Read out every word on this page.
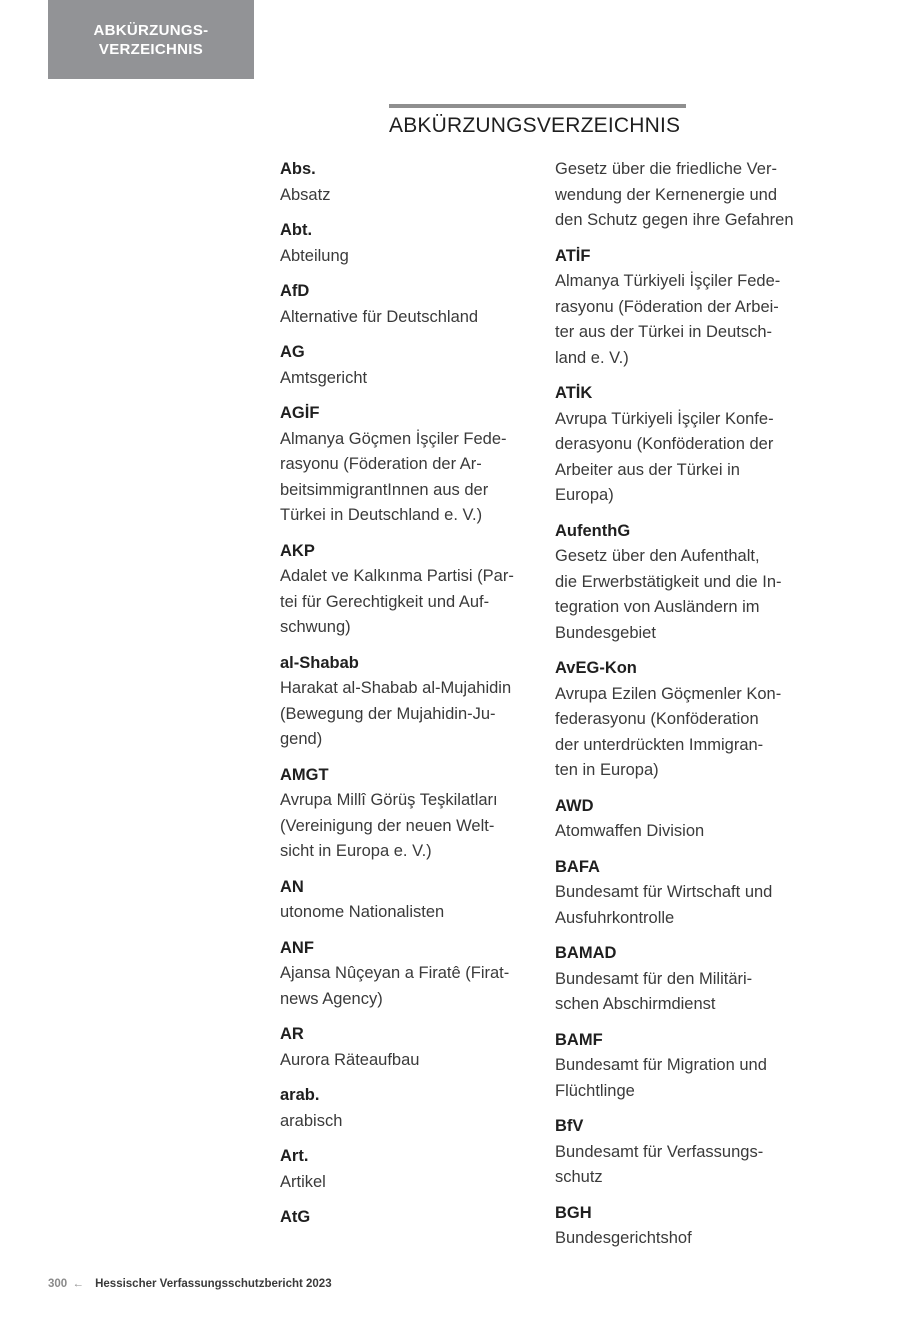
ABKÜRZUNGS-
VERZEICHNIS
ABKÜRZUNGSVERZEICHNIS
Abs.
Absatz
Abt.
Abteilung
AfD
Alternative für Deutschland
AG
Amtsgericht
AGİF
Almanya Göçmen İşçiler Fede-
rasyonu (Föderation der Ar-
beitsimmigrantInnen aus der
Türkei in Deutschland e. V.)
AKP
Adalet ve Kalkınma Partisi (Par-
tei für Gerechtigkeit und Auf-
schwung)
al-Shabab
Harakat al-Shabab al-Mujahidin
(Bewegung der Mujahidin-Ju-
gend)
AMGT
Avrupa Millî Görüş Teşkilatları
(Vereinigung der neuen Welt-
sicht in Europa e. V.)
AN
utonome Nationalisten
ANF
Ajansa Nûçeyan a Firatê (Firat-
news Agency)
AR
Aurora Räteaufbau
arab.
arabisch
Art.
Artikel
AtG
Gesetz über die friedliche Ver-
wendung der Kernenergie und
den Schutz gegen ihre Gefahren
ATİF
Almanya Türkiyeli İşçiler Fede-
rasyonu (Föderation der Arbei-
ter aus der Türkei in Deutsch-
land e. V.)
ATİK
Avrupa Türkiyeli İşçiler Konfe-
derasyonu (Konföderation der
Arbeiter aus der Türkei in
Europa)
AufenthG
Gesetz über den Aufenthalt,
die Erwerbstätigkeit und die In-
tegration von Ausländern im
Bundesgebiet
AvEG-Kon
Avrupa Ezilen Göçmenler Kon-
federasyonu (Konföderation
der unterdrückten Immigran-
ten in Europa)
AWD
Atomwaffen Division
BAFA
Bundesamt für Wirtschaft und
Ausfuhrkontrolle
BAMAD
Bundesamt für den Militäri-
schen Abschirmdienst
BAMF
Bundesamt für Migration und
Flüchtlinge
BfV
Bundesamt für Verfassungs-
schutz
BGH
Bundesgerichtshof
300 ← Hessischer Verfassungsschutzbericht 2023
